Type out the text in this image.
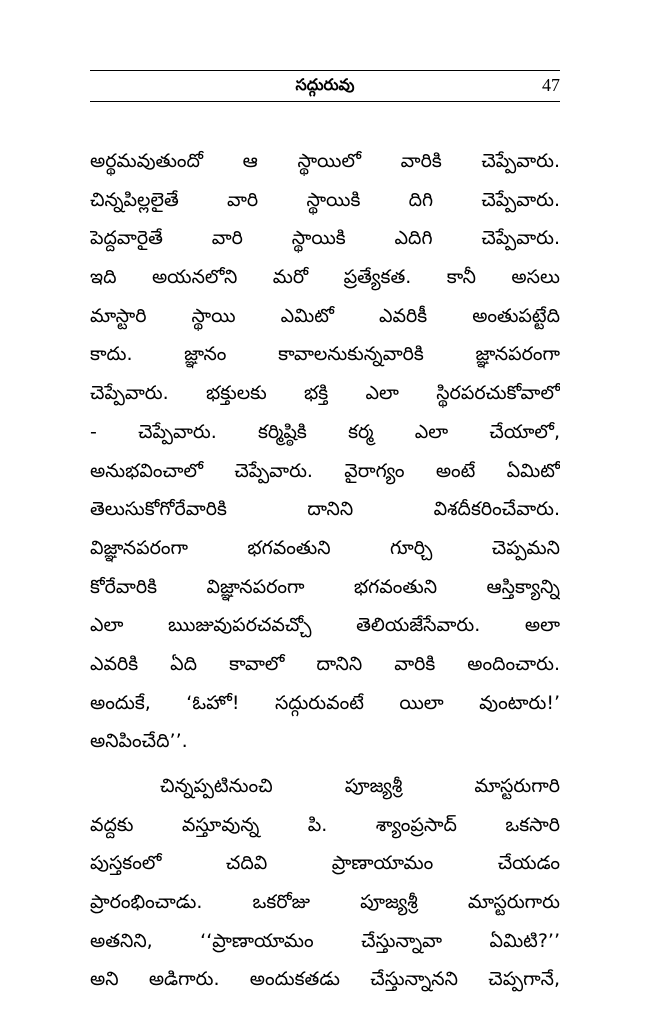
సద్గురువు	47
అర్థమవుతుందో ఆ స్థాయిలో వారికి చెప్పేవారు.
చిన్నపిల్లలైతే వారి స్థాయికి దిగి చెప్పేవారు.
పెద్దవారైతే వారి స్థాయికి ఎదిగి చెప్పేవారు.
ఇది అయనలోని మరో ప్రత్యేకత. కానీ అసలు
మాస్టారి స్థాయి ఎమిటో ఎవరికీ అంతుపట్టేది
కాదు. జ్ఞానం కావాలనుకున్నవారికి జ్ఞానపరంగా
చెప్పేవారు. భక్తులకు భక్తి ఎలా స్థిరపరచుకోవాలో
- చెప్పేవారు. కర్మిష్ఠికి కర్మ ఎలా చేయాలో,
అనుభవించాలో చెప్పేవారు. వైరాగ్యం అంటే ఏమిటో
తెలుసుకోగోరేవారికి దానిని విశదీకరించేవారు.
విజ్ఞానపరంగా భగవంతుని గూర్చి చెప్పమని
కోరేవారికి విజ్ఞానపరంగా భగవంతుని ఆస్తిక్యాన్ని
ఎలా ఋజువుపరచవచ్చో తెలియజేసేవారు. అలా
ఎవరికి ఏది కావాలో దానిని వారికి అందించారు.
అందుకే, ‘ఓహో! సద్గురువంటే యిలా వుంటారు!’
అనిపించేది’’.
చిన్నప్పటినుంచి పూజ్యశ్రీ మాస్టరుగారి
వద్దకు వస్తూవున్న పి. శ్యాంప్రసాద్ ఒకసారి
పుస్తకంలో చదివి ప్రాణాయామం చేయడం
ప్రారంభించాడు. ఒకరోజు పూజ్యశ్రీ మాస్టరుగారు
అతనిని, ‘‘ప్రాణాయామం చేస్తున్నావా ఏమిటి?’’
అని అడిగారు. అందుకతడు చేస్తున్నానని చెప్పగానే,
